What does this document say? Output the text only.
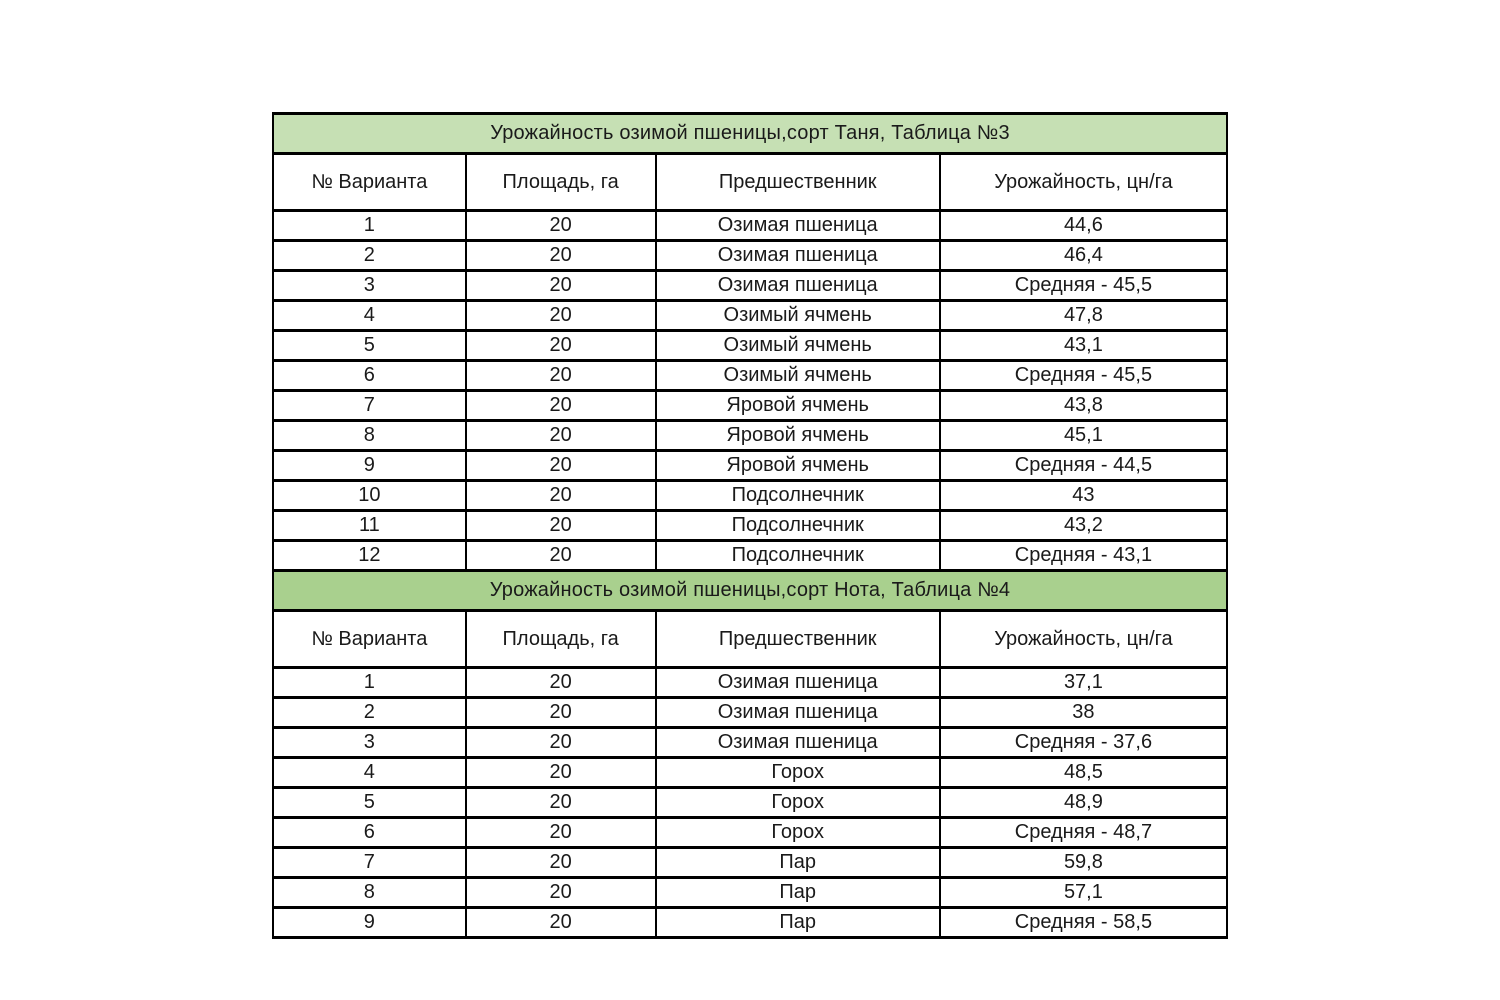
Урожайность озимой пшеницы,сорт Таня, Таблица №3			
№ Варианта	Площадь, га	Предшественник	Урожайность, цн/га
1	20	Озимая пшеница	44,6
2	20	Озимая пшеница	46,4
3	20	Озимая пшеница	Средняя - 45,5
4	20	Озимый ячмень	47,8
5	20	Озимый ячмень	43,1
6	20	Озимый ячмень	Средняя - 45,5
7	20	Яровой ячмень	43,8
8	20	Яровой ячмень	45,1
9	20	Яровой ячмень	Средняя - 44,5
10	20	Подсолнечник	43
11	20	Подсолнечник	43,2
12	20	Подсолнечник	Средняя - 43,1
Урожайность озимой пшеницы,сорт Нота, Таблица №4			
№ Варианта	Площадь, га	Предшественник	Урожайность, цн/га
1	20	Озимая пшеница	37,1
2	20	Озимая пшеница	38
3	20	Озимая пшеница	Средняя - 37,6
4	20	Горох	48,5
5	20	Горох	48,9
6	20	Горох	Средняя - 48,7
7	20	Пар	59,8
8	20	Пар	57,1
9	20	Пар	Средняя - 58,5
